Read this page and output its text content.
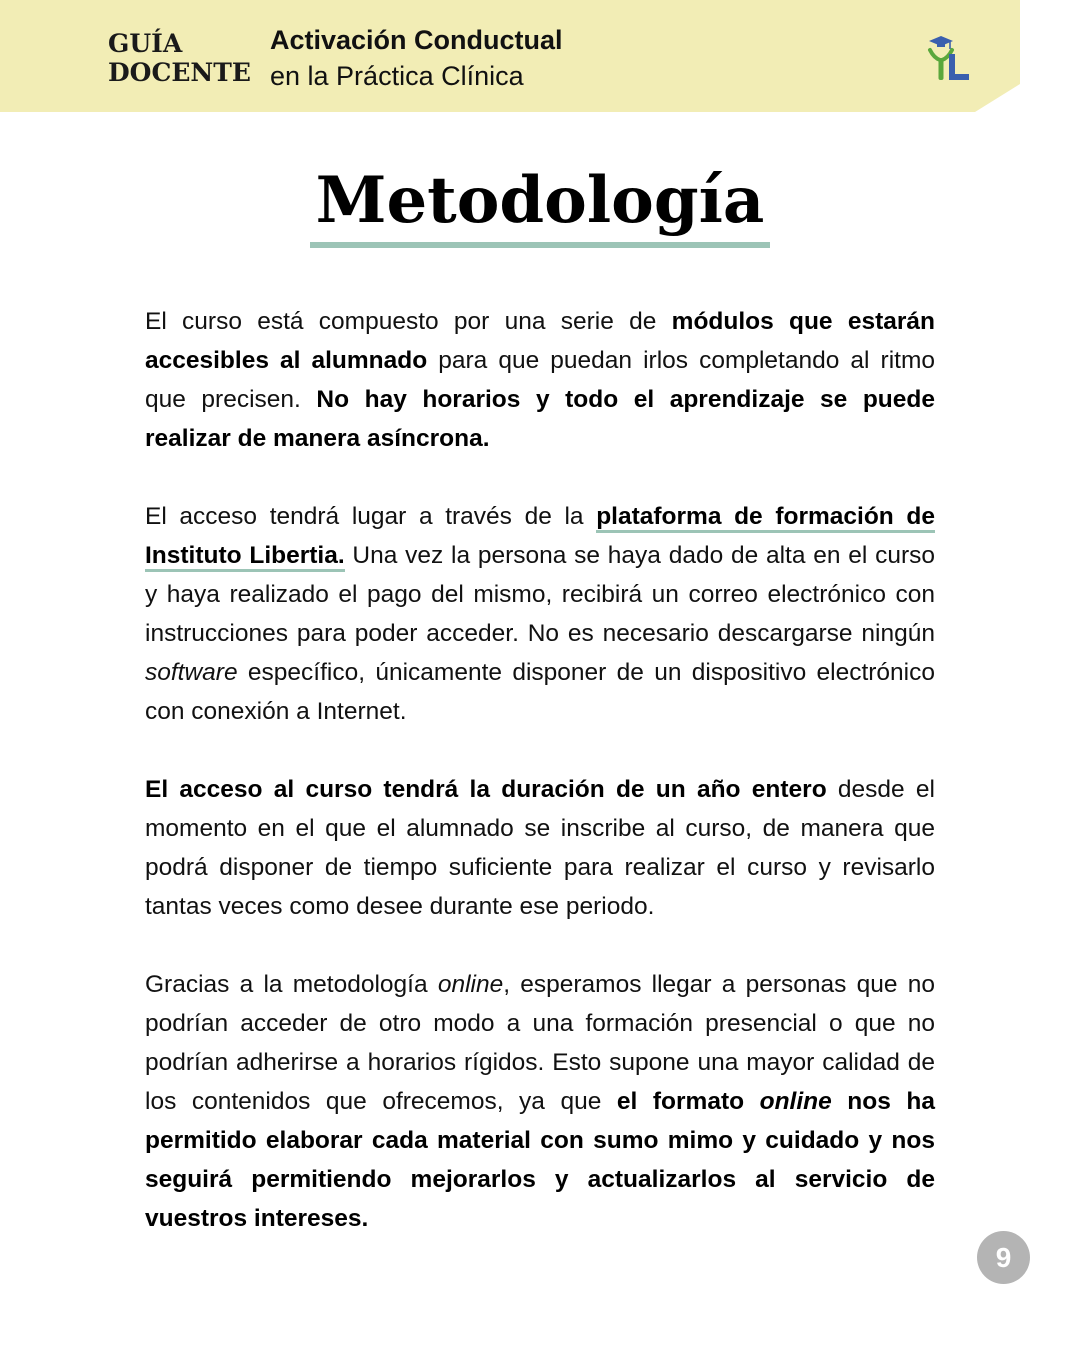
GUÍA
DOCENTE
Activación Conductual
en la Práctica Clínica
Metodología

El curso está compuesto por una serie de módulos que estarán accesibles al alumnado para que puedan irlos completando al ritmo que precisen. No hay horarios y todo el aprendizaje se puede realizar de manera asíncrona.

El acceso tendrá lugar a través de la plataforma de formación de Instituto Libertia. Una vez la persona se haya dado de alta en el curso y haya realizado el pago del mismo, recibirá un correo electrónico con instrucciones para poder acceder. No es necesario descargarse ningún software específico, únicamente disponer de un dispositivo electrónico con conexión a Internet.

El acceso al curso tendrá la duración de un año entero desde el momento en el que el alumnado se inscribe al curso, de manera que podrá disponer de tiempo suficiente para realizar el curso y revisarlo tantas veces como desee durante ese periodo.

Gracias a la metodología online, esperamos llegar a personas que no podrían acceder de otro modo a una formación presencial o que no podrían adherirse a horarios rígidos. Esto supone una mayor calidad de los contenidos que ofrecemos, ya que el formato online nos ha permitido elaborar cada material con sumo mimo y cuidado y nos seguirá permitiendo mejorarlos y actualizarlos al servicio de vuestros intereses.

9
